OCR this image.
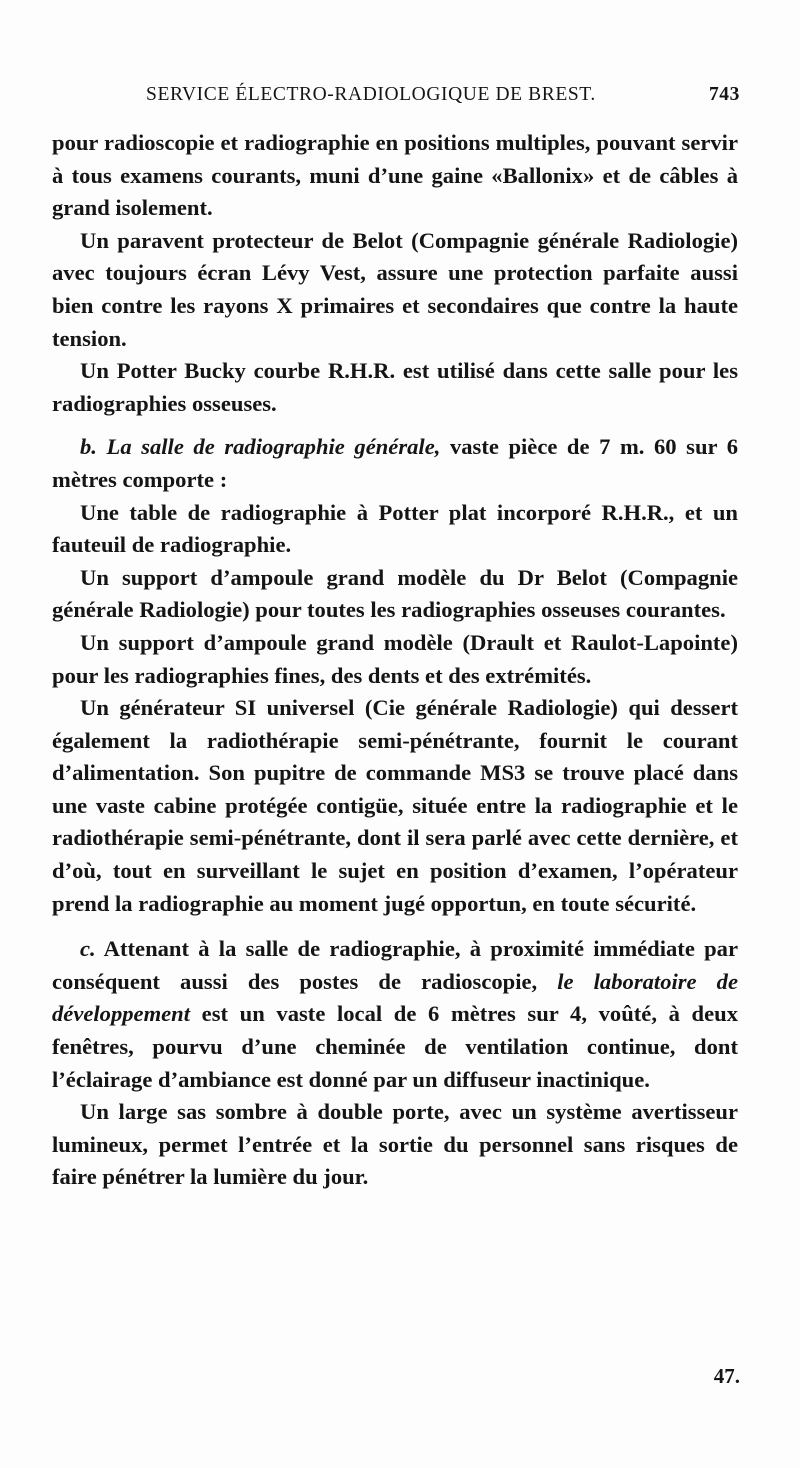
SERVICE ÉLECTRO-RADIOLOGIQUE DE BREST.	743

pour radioscopie et radiographie en positions multiples, pouvant servir à tous examens courants, muni d’une gaine «Ballonix» et de câbles à grand isolement.

Un paravent protecteur de Belot (Compagnie générale Radiologie) avec toujours écran Lévy Vest, assure une protection parfaite aussi bien contre les rayons X primaires et secondaires que contre la haute tension.

Un Potter Bucky courbe R.H.R. est utilisé dans cette salle pour les radiographies osseuses.

b. La salle de radiographie générale, vaste pièce de 7 m. 60 sur 6 mètres comporte :

Une table de radiographie à Potter plat incorporé R.H.R., et un fauteuil de radiographie.

Un support d’ampoule grand modèle du Dr Belot (Compagnie générale Radiologie) pour toutes les radiographies osseuses courantes.

Un support d’ampoule grand modèle (Drault et Raulot-Lapointe) pour les radiographies fines, des dents et des extrémités.

Un générateur SI universel (Cie générale Radiologie) qui dessert également la radiothérapie semi-pénétrante, fournit le courant d’alimentation. Son pupitre de commande MS3 se trouve placé dans une vaste cabine protégée contigüe, située entre la radiographie et le radiothérapie semi-pénétrante, dont il sera parlé avec cette dernière, et d’où, tout en surveillant le sujet en position d’examen, l’opérateur prend la radiographie au moment jugé opportun, en toute sécurité.

c. Attenant à la salle de radiographie, à proximité immédiate par conséquent aussi des postes de radioscopie, le laboratoire de développement est un vaste local de 6 mètres sur 4, voûté, à deux fenêtres, pourvu d’une cheminée de ventilation continue, dont l’éclairage d’ambiance est donné par un diffuseur inactinique.

Un large sas sombre à double porte, avec un système avertisseur lumineux, permet l’entrée et la sortie du personnel sans risques de faire pénétrer la lumière du jour.

47.
